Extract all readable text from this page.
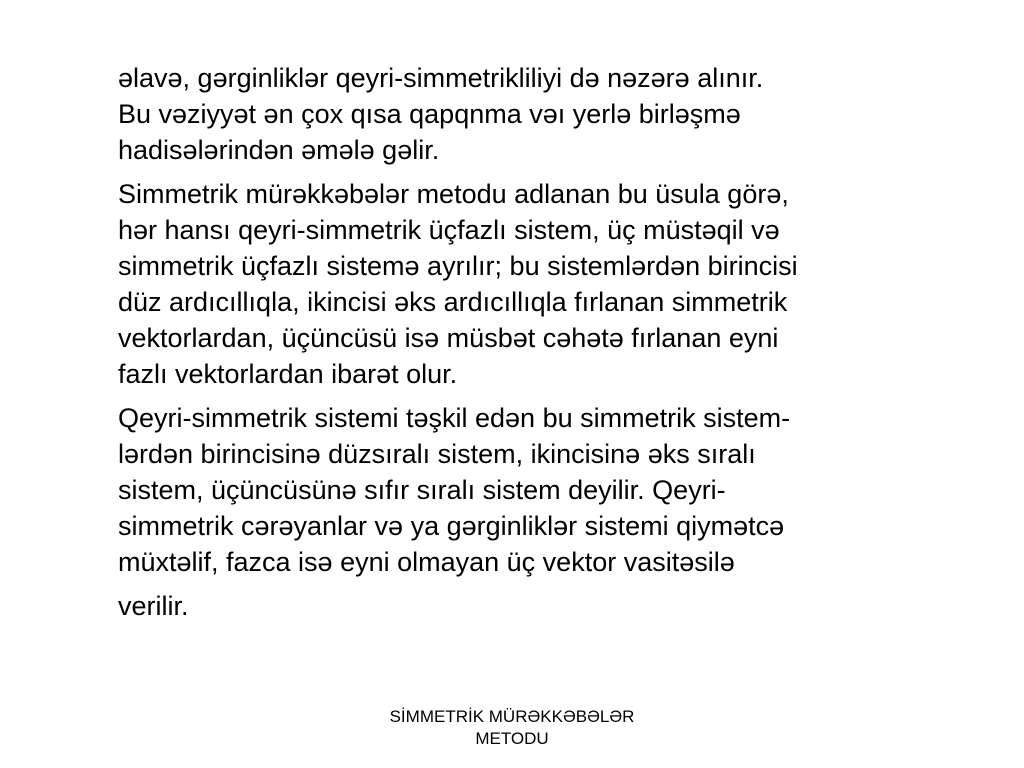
əlavə, gərginliklər qeyri-simmetrikliliyi də nəzərə alınır.
Bu vəziyyət ən çox qısa qapqnma vəı yerlə birləşmə
hadisələrindən əmələ gəlir.

Simmetrik mürəkkəbələr metodu adlanan bu üsula görə,
hər hansı qeyri-simmetrik üçfazlı sistem, üç müstəqil və
simmetrik üçfazlı sistemə ayrılır; bu sistemlərdən birincisi
düz ardıcıllıqla, ikincisi əks ardıcıllıqla fırlanan simmetrik
vektorlardan, üçüncüsü isə müsbət cəhətə fırlanan eyni
fazlı vektorlardan ibarət olur.

Qeyri-simmetrik sistemi təşkil edən bu simmetrik sistem-
lərdən birincisinə düzsıralı sistem, ikincisinə əks sıralı
sistem, üçüncüsünə sıfır sıralı sistem deyilir. Qeyri-
simmetrik cərəyanlar və ya gərginliklər sistemi qiymətcə
müxtəlif, fazca isə eyni olmayan üç vektor vasitəsilə

verilir.

SİMMETRİK MÜRƏKKƏBƏLƏR
METODU
